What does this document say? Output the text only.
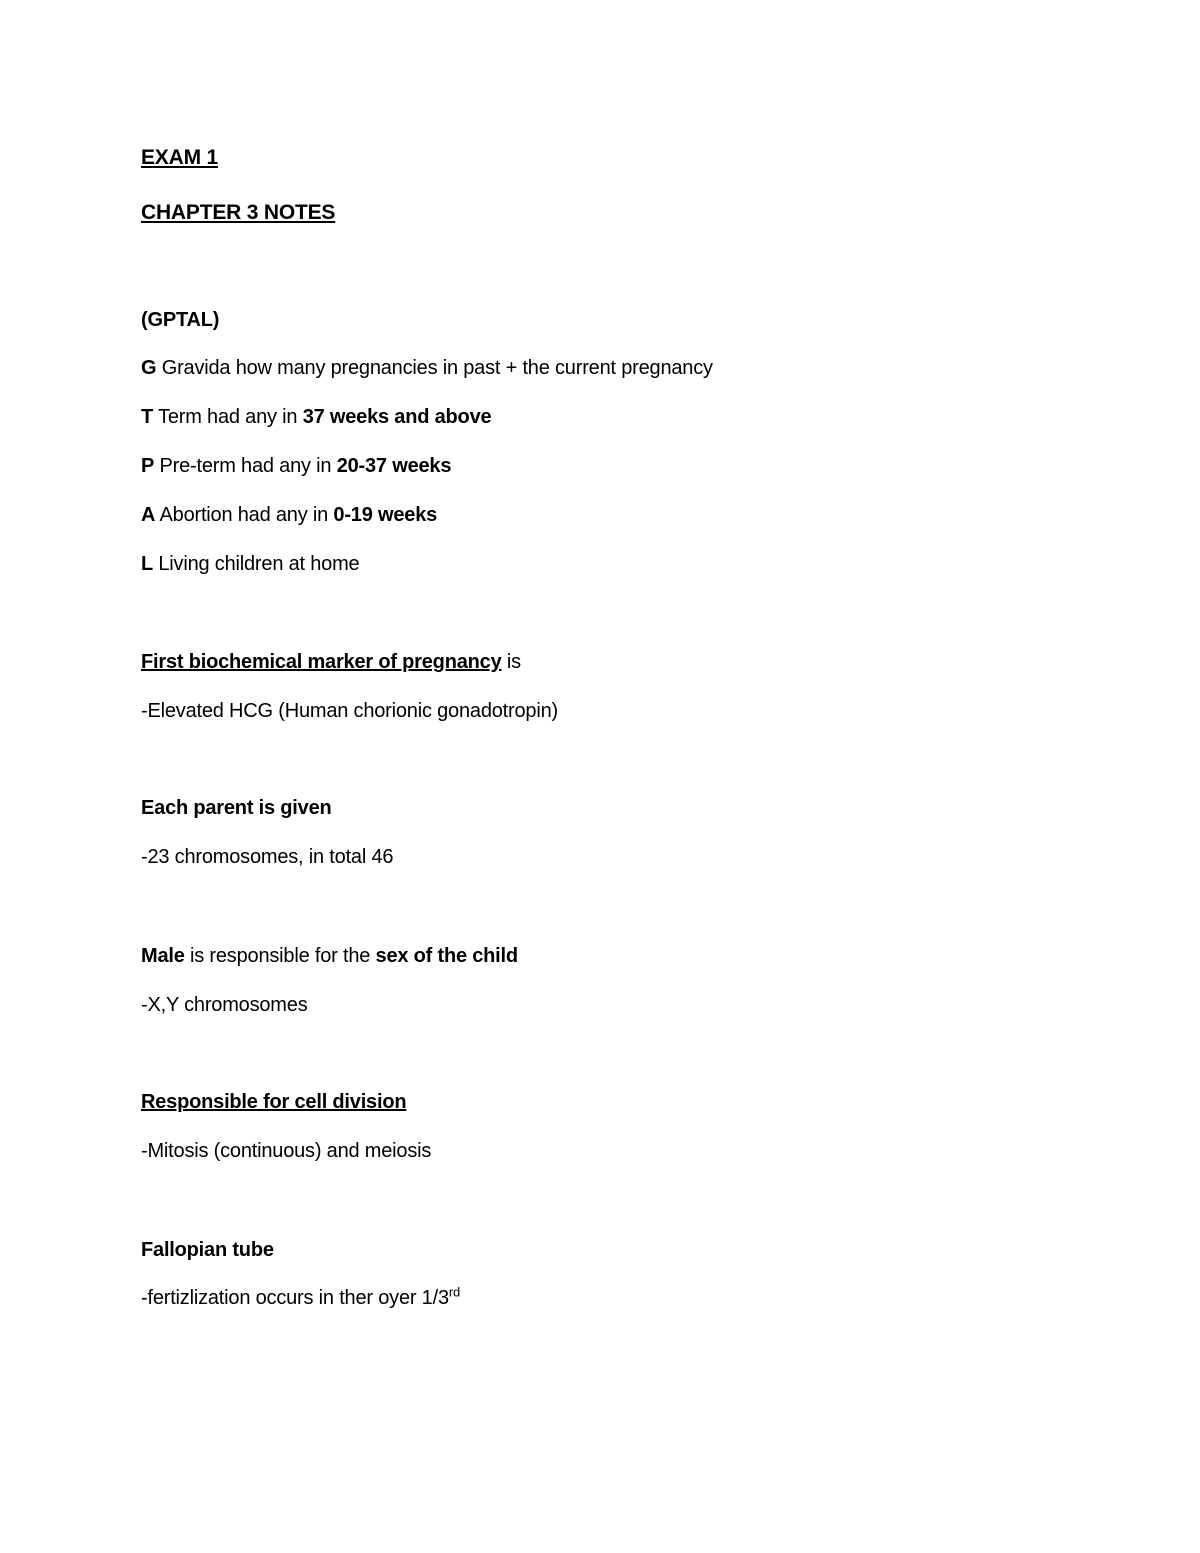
EXAM 1
CHAPTER 3 NOTES
(GPTAL)
G Gravida how many pregnancies in past + the current pregnancy
T Term had any in 37 weeks and above
P Pre-term had any in 20-37 weeks
A Abortion had any in 0-19 weeks
L Living children at home
First biochemical marker of pregnancy is
-Elevated HCG (Human chorionic gonadotropin)
Each parent is given
-23 chromosomes, in total 46
Male is responsible for the sex of the child
-X,Y chromosomes
Responsible for cell division
-Mitosis (continuous) and meiosis
Fallopian tube
-fertizlization occurs in ther oyer 1/3rd
